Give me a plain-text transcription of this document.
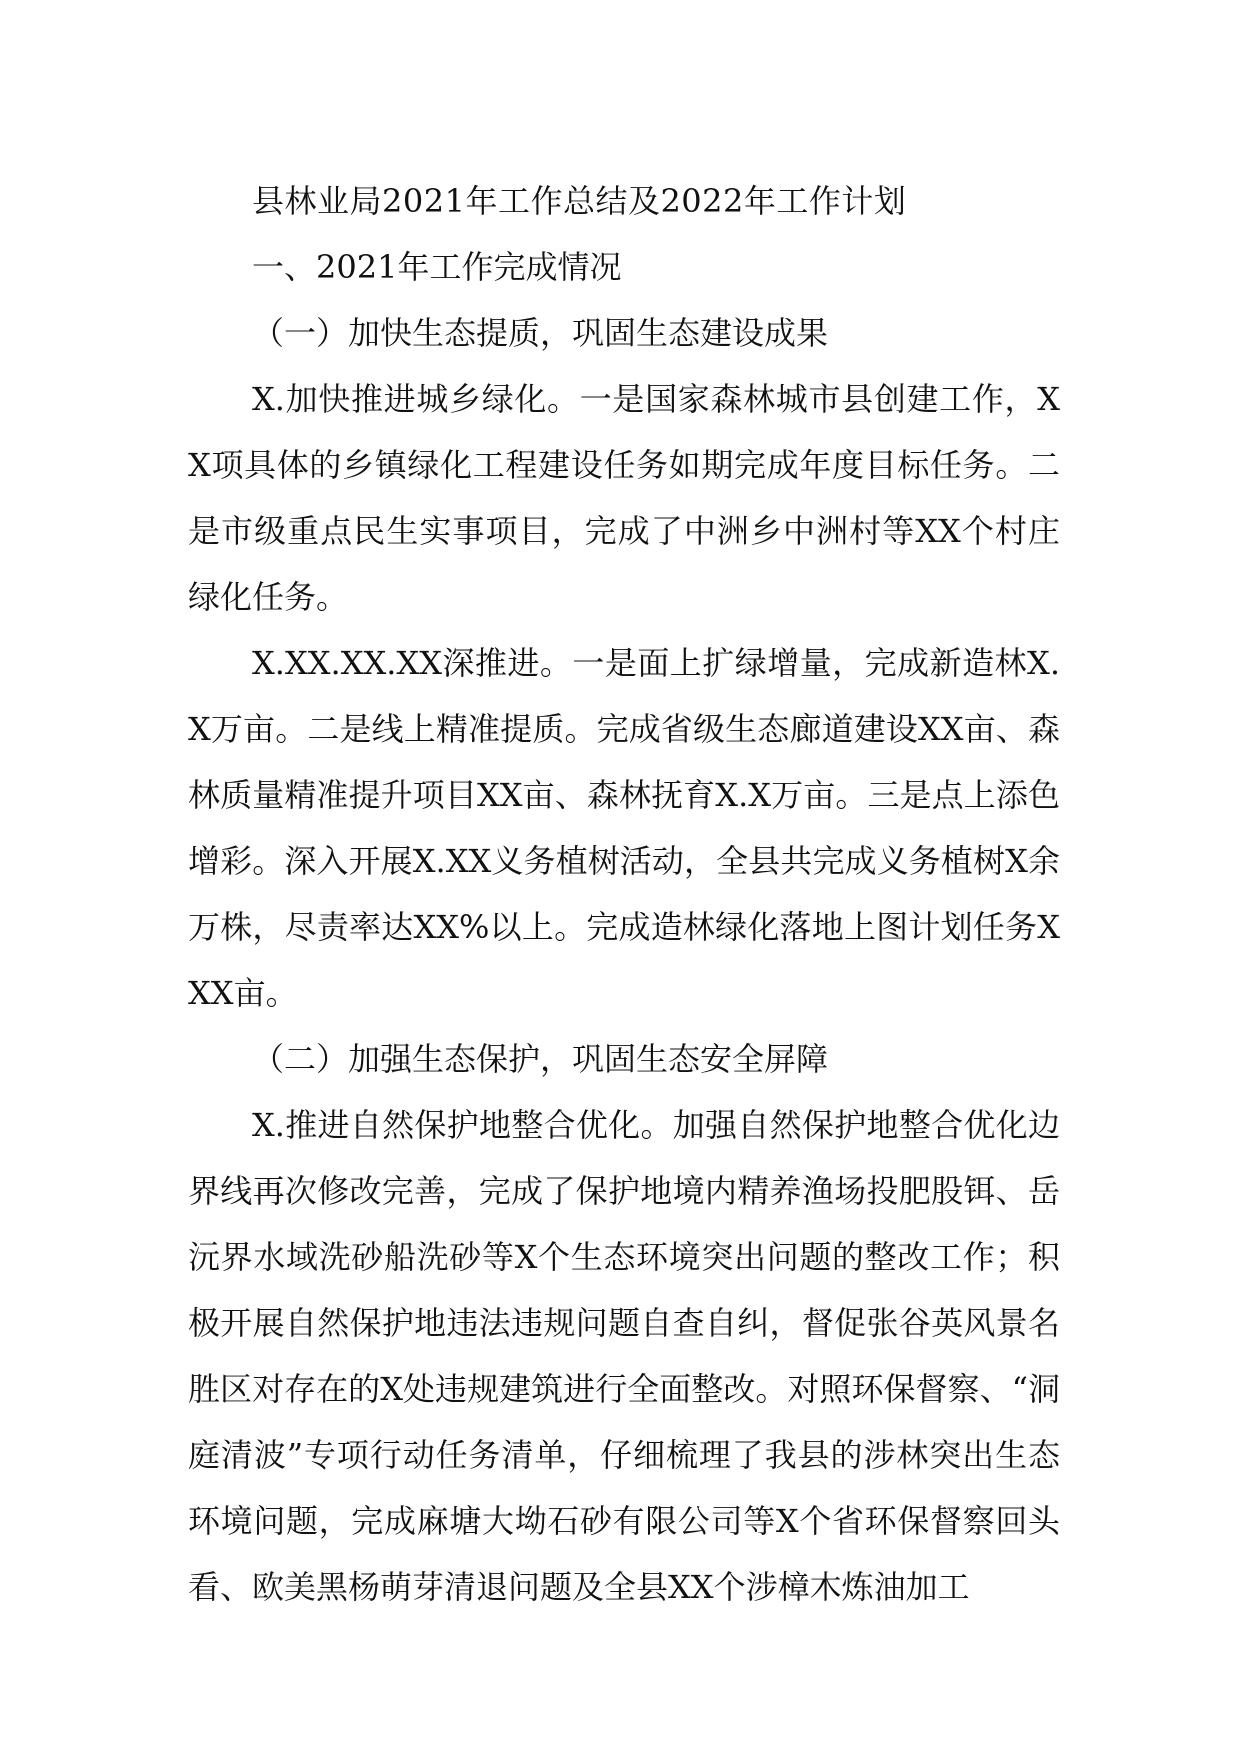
县林业局2021年工作总结及2022年工作计划

一、2021年工作完成情况

（一）加快生态提质，巩固生态建设成果

X.加快推进城乡绿化。一是国家森林城市县创建工作，XX项具体的乡镇绿化工程建设任务如期完成年度目标任务。二是市级重点民生实事项目，完成了中洲乡中洲村等XX个村庄绿化任务。

X.XX.XX.XX深推进。一是面上扩绿增量，完成新造林X.X万亩。二是线上精准提质。完成省级生态廊道建设XX亩、森林质量精准提升项目XX亩、森林抚育X.X万亩。三是点上添色增彩。深入开展X.XX义务植树活动，全县共完成义务植树X余万株，尽责率达XX%以上。完成造林绿化落地上图计划任务XXX亩。

（二）加强生态保护，巩固生态安全屏障

X.推进自然保护地整合优化。加强自然保护地整合优化边界线再次修改完善，完成了保护地境内精养渔场投肥股铒、岳沅界水域洗砂船洗砂等X个生态环境突出问题的整改工作；积极开展自然保护地违法违规问题自查自纠，督促张谷英风景名胜区对存在的X处违规建筑进行全面整改。对照环保督察、“洞庭清波”专项行动任务清单，仔细梳理了我县的涉林突出生态环境问题，完成麻塘大坳石砂有限公司等X个省环保督察回头看、欧美黑杨萌芽清退问题及全县XX个涉樟木炼油加工
